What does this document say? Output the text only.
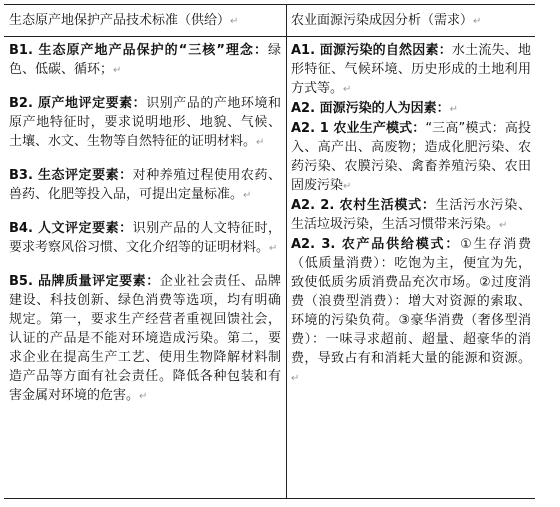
生态原产地保护产品技术标准（供给）↵	农业面源污染成因分析（需求）↵

B1. 生态原产地产品保护的“三核”理念：绿色、低碳、循环；↵

B2. 原产地评定要素：识别产品的产地环境和原产地特征时，要求说明地形、地貌、气候、土壤、水文、生物等自然特征的证明材料。↵

B3. 生态评定要素：对种养殖过程使用农药、兽药、化肥等投入品，可提出定量标准。↵

B4. 人文评定要素：识别产品的人文特征时，要求考察风俗习惯、文化介绍等的证明材料。↵

B5. 品牌质量评定要素：企业社会责任、品牌建设、科技创新、绿色消费等选项，均有明确规定。第一，要求生产经营者重视回馈社会，认证的产品是不能对环境造成污染。第二，要求企业在提高生产工艺、使用生物降解材料制造产品等方面有社会责任。降低各种包装和有害金属对环境的危害。↵

A1. 面源污染的自然因素：水土流失、地形特征、气候环境、历史形成的土地利用方式等。↵

A2. 面源污染的人为因素：↵

A2. 1 农业生产模式：“三高”模式：高投入、高产出、高废物；造成化肥污染、农药污染、农膜污染、禽畜养殖污染、农田固废污染↵

A2. 2. 农村生活模式：生活污水污染、生活垃圾污染，生活习惯带来污染。↵

A2. 3. 农产品供给模式：①生存消费（低质量消费）：吃饱为主，便宜为先，致使低质劣质消费品充次市场。②过度消费（浪费型消费）：增大对资源的索取、环境的污染负荷。③豪华消费（奢侈型消费）：一味寻求超前、超量、超豪华的消费，导致占有和消耗大量的能源和资源。↵
